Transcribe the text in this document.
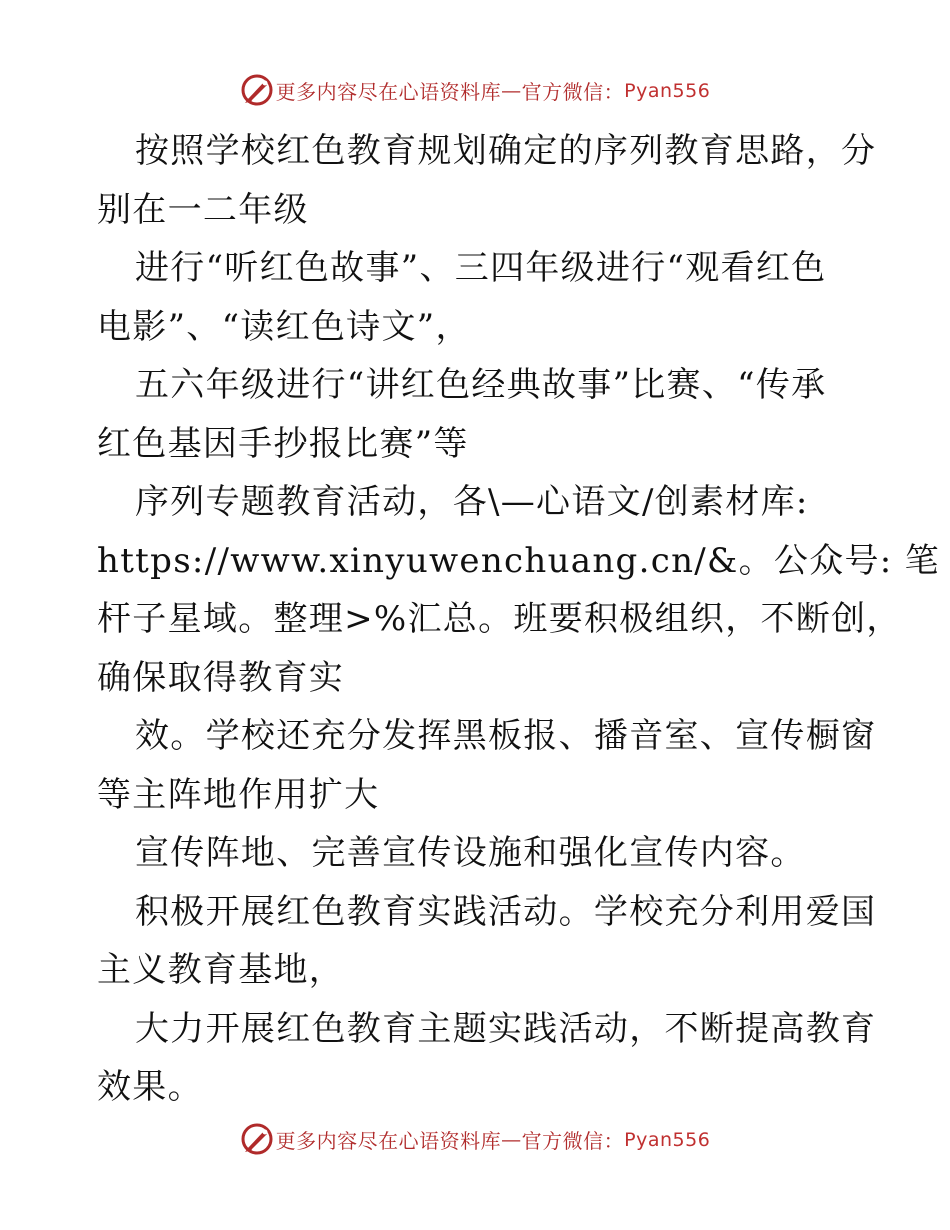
更多内容尽在心语资料库 — 官方微信： Pyan556
按照学校红色教育规划确定的序列教育思路，分
别在一二年级
进行“听红色故事”、三四年级进行“观看红色
电影”、“读红色诗文”，
五六年级进行“讲红色经典故事”比赛、“传承
红色基因手抄报比赛”等
序列专题教育活动，各\—心语文/创素材库:
https://www.xinyuwenchuang.cn/&。公众号: 笔
杆子星域。整理>%汇总。班要积极组织，不断创，
确保取得教育实
效。学校还充分发挥黑板报、播音室、宣传橱窗
等主阵地作用扩大
宣传阵地、完善宣传设施和强化宣传内容。
积极开展红色教育实践活动。学校充分利用爱国
主义教育基地，
大力开展红色教育主题实践活动，不断提高教育
效果。
更多内容尽在心语资料库 — 官方微信： Pyan556
